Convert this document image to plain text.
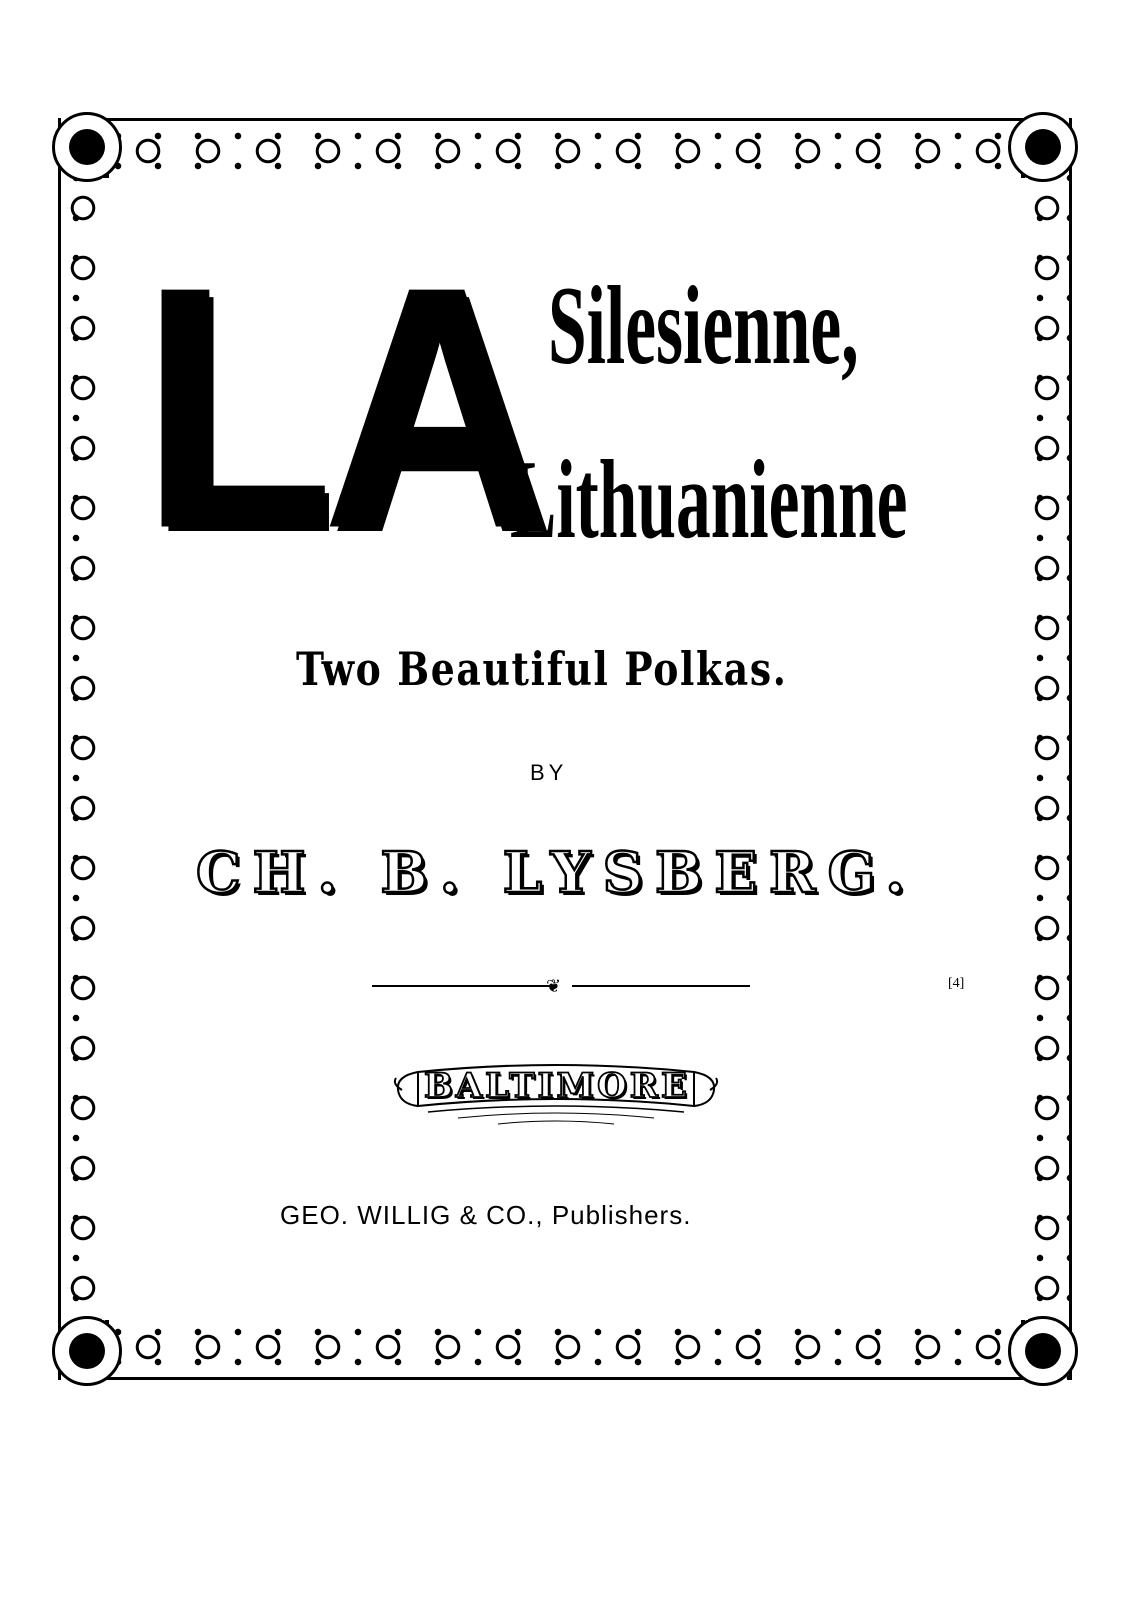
LA Silesienne,
Lithuanienne
Two Beautiful Polkas.
BY
CH. B. LYSBERG.
❦	[4]
BALTIMORE
GEO. WILLIG & CO., Publishers.
